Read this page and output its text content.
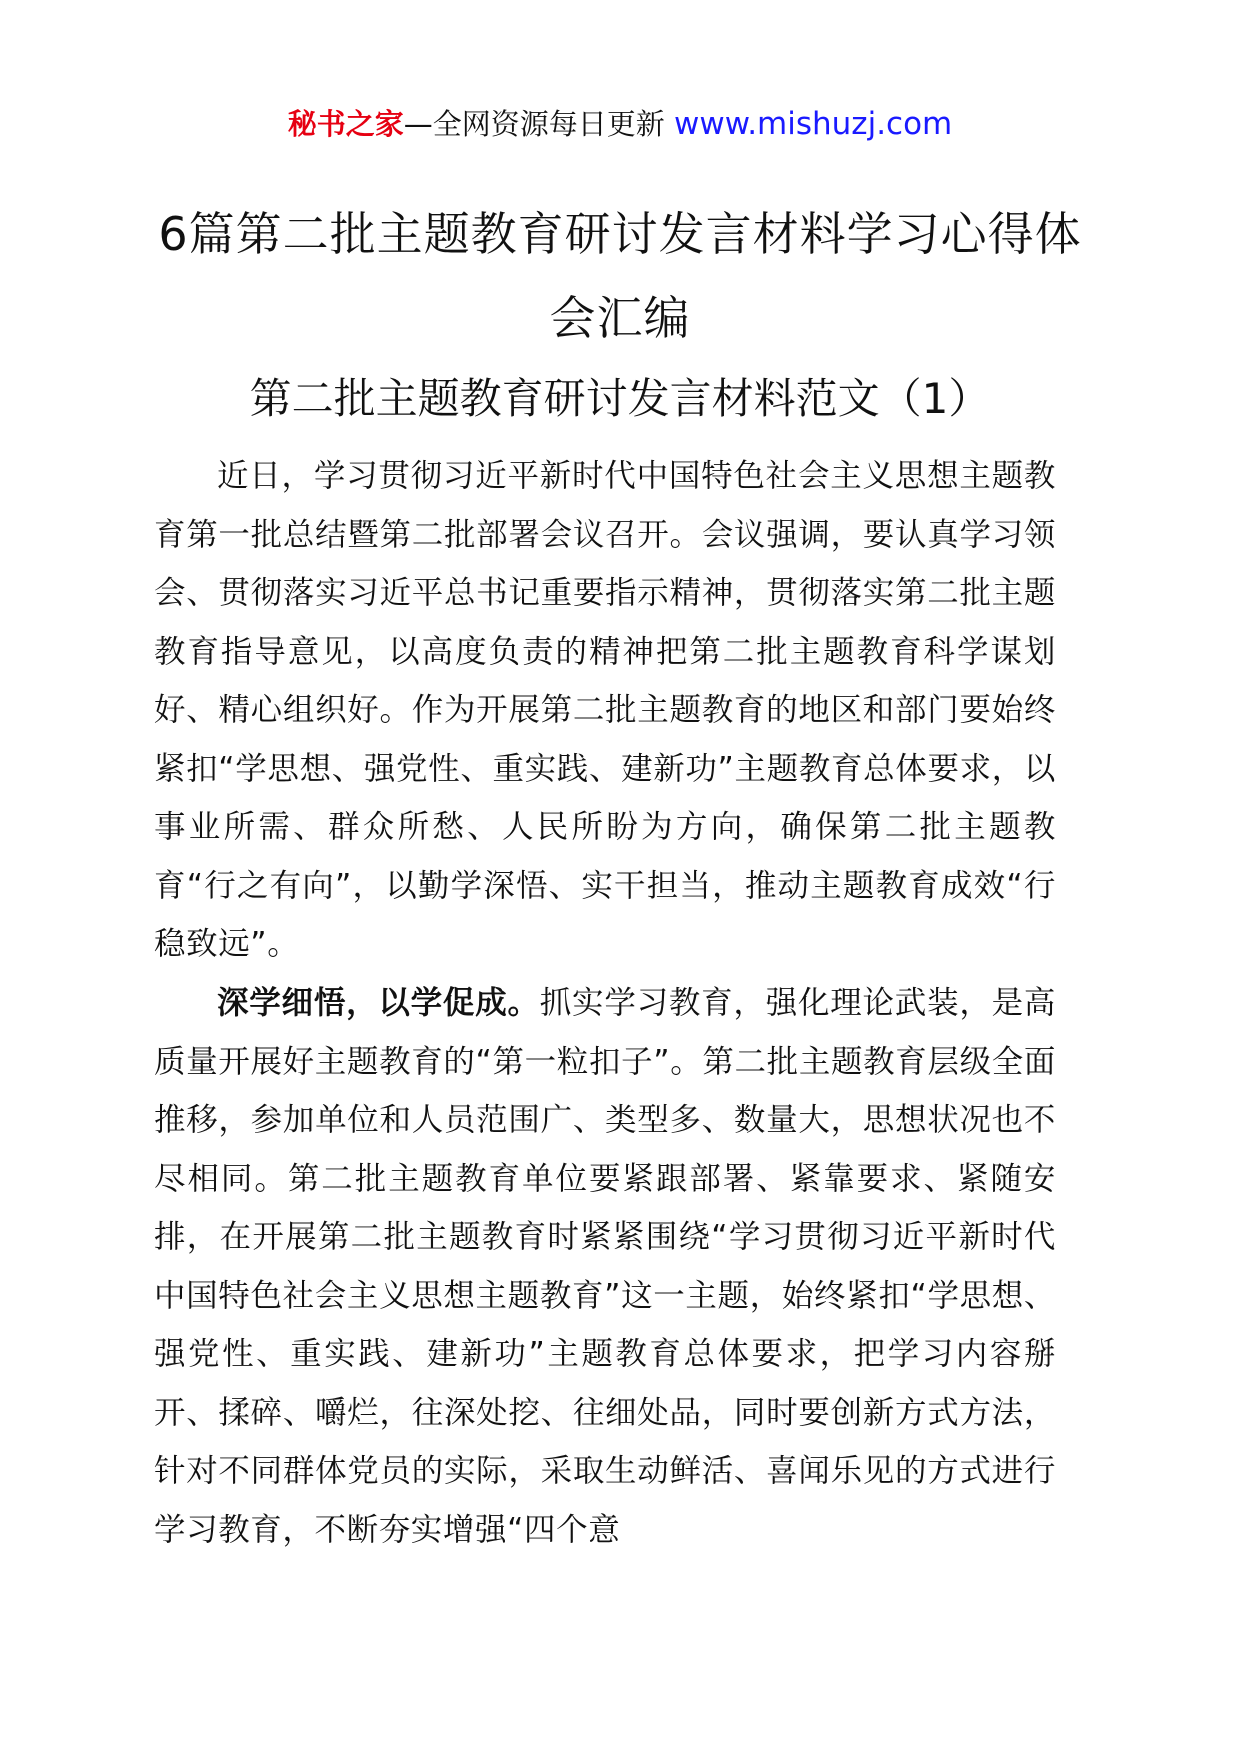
秘书之家—全网资源每日更新 www.mishuzj.com
6篇第二批主题教育研讨发言材料学习心得体会汇编
第二批主题教育研讨发言材料范文（1）

近日，学习贯彻习近平新时代中国特色社会主义思想主题教育第一批总结暨第二批部署会议召开。会议强调，要认真学习领会、贯彻落实习近平总书记重要指示精神，贯彻落实第二批主题教育指导意见，以高度负责的精神把第二批主题教育科学谋划好、精心组织好。作为开展第二批主题教育的地区和部门要始终紧扣“学思想、强党性、重实践、建新功”主题教育总体要求，以事业所需、群众所愁、人民所盼为方向，确保第二批主题教育“行之有向”，以勤学深悟、实干担当，推动主题教育成效“行稳致远”。

深学细悟，以学促成。抓实学习教育，强化理论武装，是高质量开展好主题教育的“第一粒扣子”。第二批主题教育层级全面推移，参加单位和人员范围广、类型多、数量大，思想状况也不尽相同。第二批主题教育单位要紧跟部署、紧靠要求、紧随安排，在开展第二批主题教育时紧紧围绕“学习贯彻习近平新时代中国特色社会主义思想主题教育”这一主题，始终紧扣“学思想、强党性、重实践、建新功”主题教育总体要求，把学习内容掰开、揉碎、嚼烂，往深处挖、往细处品，同时要创新方式方法，针对不同群体党员的实际，采取生动鲜活、喜闻乐见的方式进行学习教育，不断夯实增强“四个意
